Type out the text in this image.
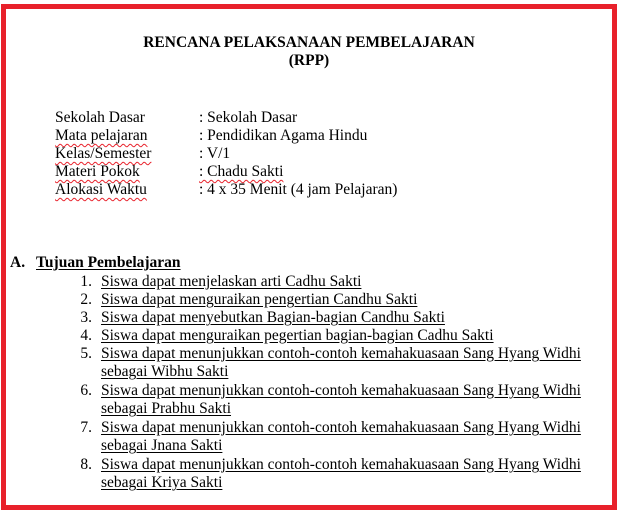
RENCANA PELAKSANAAN PEMBELAJARAN
(RPP)
Sekolah Dasar	: Sekolah Dasar
Mata pelajaran	: Pendidikan Agama Hindu
Kelas/Semester	: V/1
Materi Pokok	: Chadu Sakti
Alokasi Waktu	: 4 x 35 Menit (4 jam Pelajaran)
A. Tujuan Pembelajaran
1. Siswa dapat menjelaskan arti Cadhu Sakti
2. Siswa dapat menguraikan pengertian Candhu Sakti
3. Siswa dapat menyebutkan Bagian-bagian Candhu Sakti
4. Siswa dapat menguraikan pegertian bagian-bagian Cadhu Sakti
5. Siswa dapat menunjukkan contoh-contoh kemahakuasaan Sang Hyang Widhi
sebagai Wibhu Sakti
6. Siswa dapat menunjukkan contoh-contoh kemahakuasaan Sang Hyang Widhi
sebagai Prabhu Sakti
7. Siswa dapat menunjukkan contoh-contoh kemahakuasaan Sang Hyang Widhi
sebagai Jnana Sakti
8. Siswa dapat menunjukkan contoh-contoh kemahakuasaan Sang Hyang Widhi
sebagai Kriya Sakti
